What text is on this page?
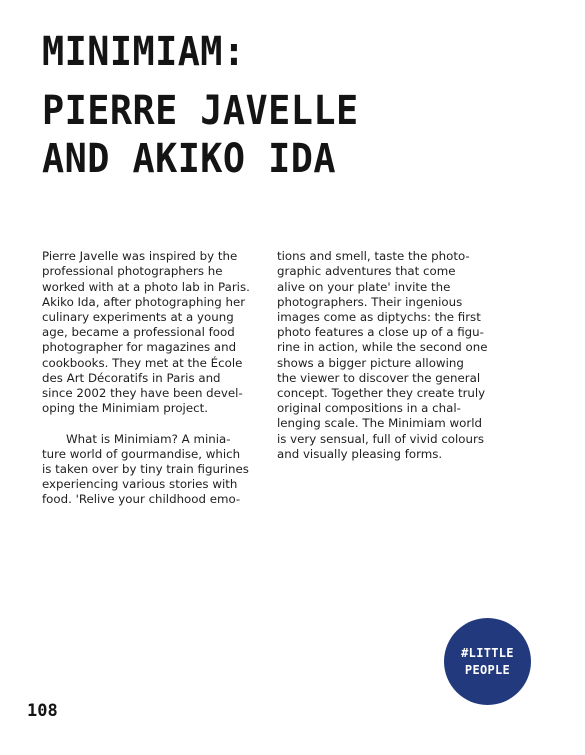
MINIMIAM:
PIERRE JAVELLE
AND AKIKO IDA

Pierre Javelle was inspired by the
professional photographers he
worked with at a photo lab in Paris.
Akiko Ida, after photographing her
culinary experiments at a young
age, became a professional food
photographer for magazines and
cookbooks. They met at the École
des Art Décoratifs in Paris and
since 2002 they have been devel-
oping the Minimiam project.

What is Minimiam? A minia-
ture world of gourmandise, which
is taken over by tiny train figurines
experiencing various stories with
food. 'Relive your childhood emo-

tions and smell, taste the photo-
graphic adventures that come
alive on your plate' invite the
photographers. Their ingenious
images come as diptychs: the first
photo features a close up of a figu-
rine in action, while the second one
shows a bigger picture allowing
the viewer to discover the general
concept. Together they create truly
original compositions in a chal-
lenging scale. The Minimiam world
is very sensual, full of vivid colours
and visually pleasing forms.

#LITTLE
PEOPLE
108
